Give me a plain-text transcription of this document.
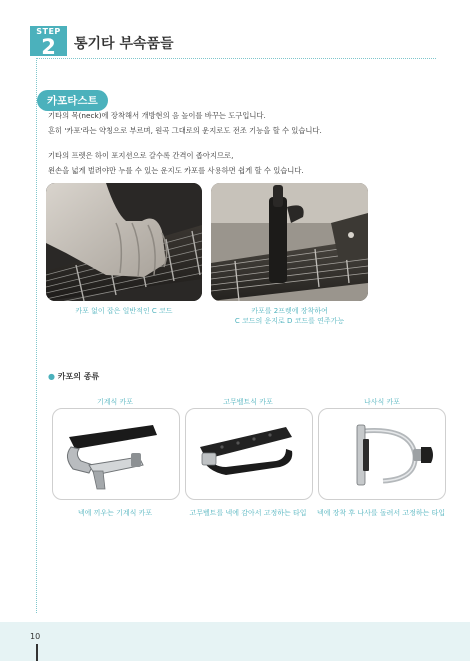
STEP
2	통기타 부속품들
카포타스트
기타의 목(neck)에 장착해서 개방현의 음 높이를 바꾸는 도구입니다.
흔히 '카포'라는 약칭으로 부르며, 원곡 그대로의 운지로도 전조 기능을 할 수 있습니다.
기타의 프렛은 하이 포지션으로 갈수록 간격이 좁아지므로,
왼손을 넓게 벌려야만 누를 수 있는 운지도 카포를 사용하면 쉽게 할 수 있습니다.
카포 없이 잡은 일반적인 C 코드	카포를 2프렛에 장착하여
C 코드의 운지로 D 코드를 연주가능
● 카포의 종류
기계식 카포
넥에 끼우는 기계식 카포
고무벨트식 카포
고무벨트를 넥에 감아서 고정하는 타입
나사식 카포
넥에 장착 후 나사를 돌려서 고정하는 타입
10
